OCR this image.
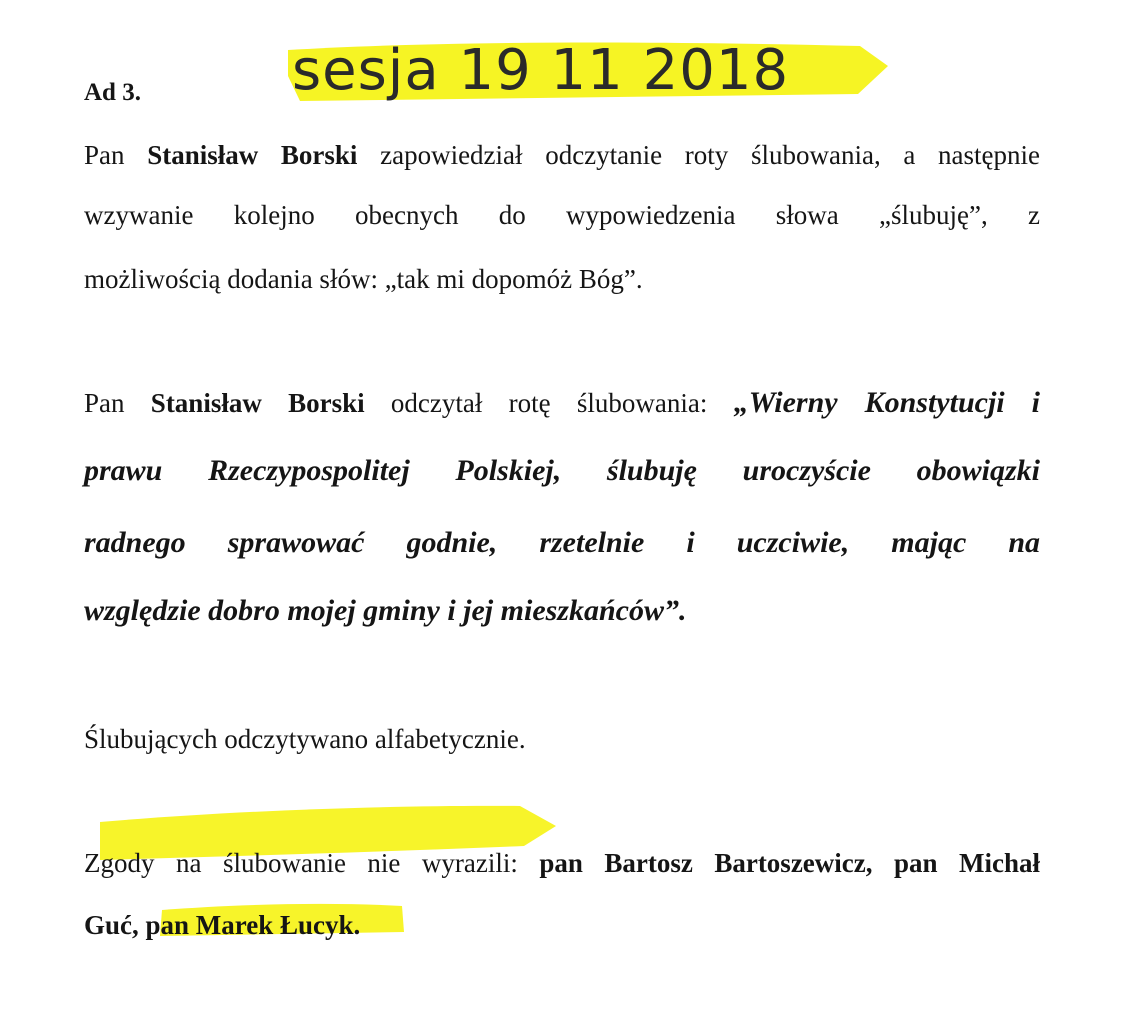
sesja 19 11 2018

Ad 3.

Pan Stanisław Borski zapowiedział odczytanie roty ślubowania, a następnie

wzywanie kolejno obecnych do wypowiedzenia słowa „ślubuję”, z

możliwością dodania słów: „tak mi dopomóż Bóg”.

Pan Stanisław Borski odczytał rotę ślubowania: „Wierny Konstytucji i

prawu Rzeczypospolitej Polskiej, ślubuję uroczyście obowiązki

radnego sprawować godnie, rzetelnie i uczciwie, mając na

względzie dobro mojej gminy i jej mieszkańców”.

Ślubujących odczytywano alfabetycznie.

Zgody na ślubowanie nie wyrazili: pan Bartosz Bartoszewicz, pan Michał

Guć, pan Marek Łucyk.
